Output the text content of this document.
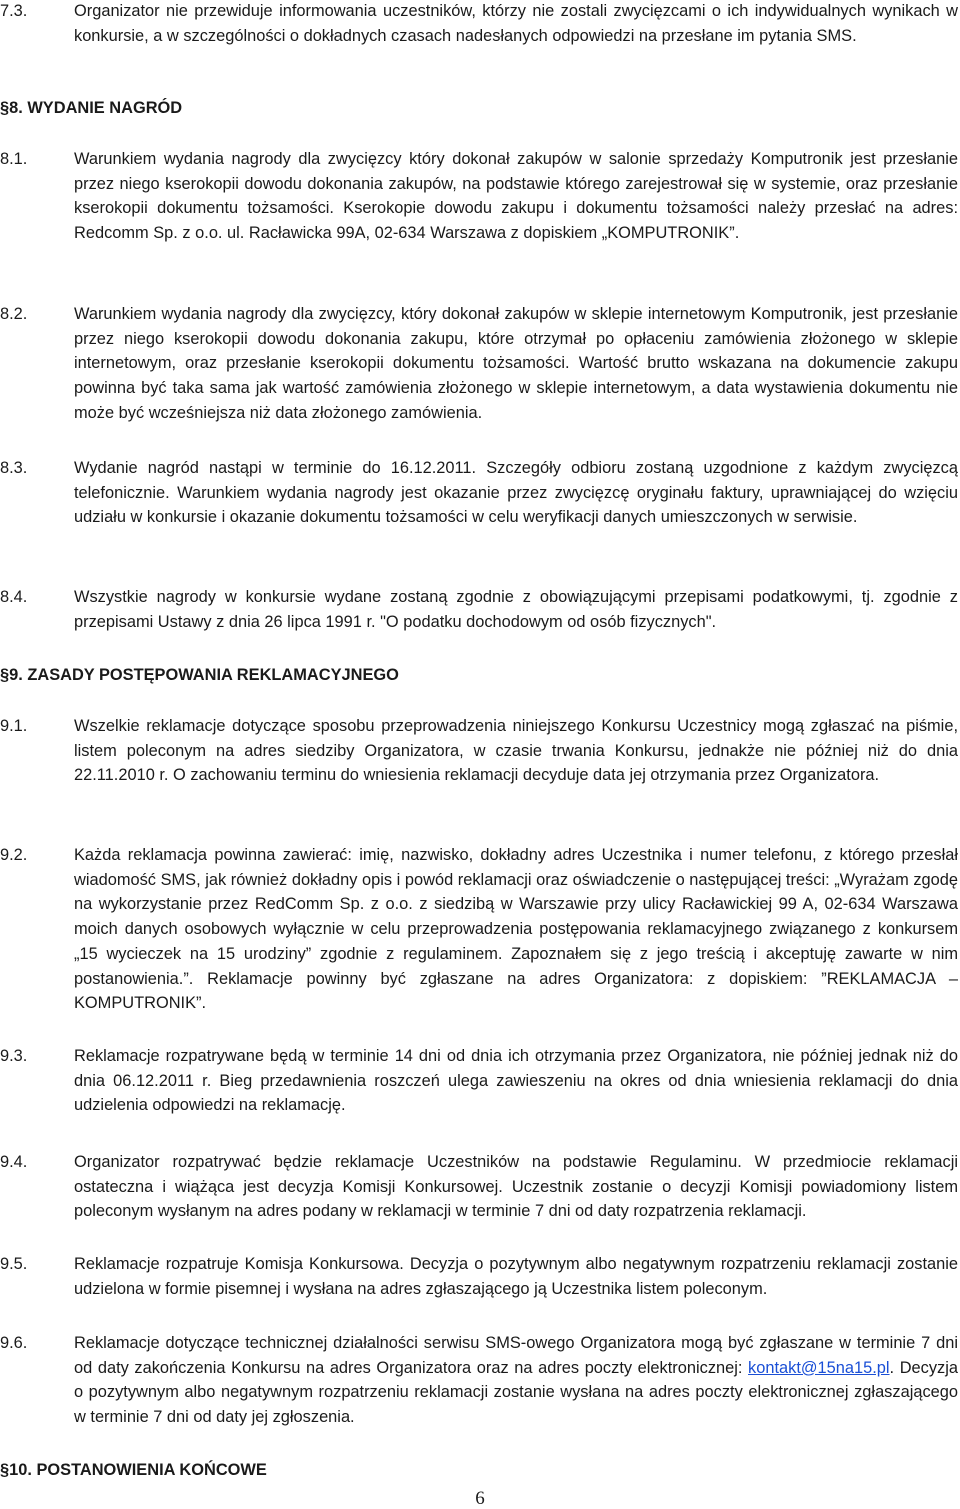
7.3.	Organizator nie przewiduje informowania uczestników, którzy nie zostali zwycięzcami o ich indywidualnych wynikach w konkursie, a w szczególności o dokładnych czasach nadesłanych odpowiedzi na przesłane im pytania SMS.
§8. WYDANIE NAGRÓD
8.1.	Warunkiem wydania nagrody dla zwycięzcy który dokonał zakupów w salonie sprzedaży Komputronik jest przesłanie przez niego kserokopii dowodu dokonania zakupów, na podstawie którego zarejestrował się w systemie, oraz przesłanie kserokopii dokumentu tożsamości. Kserokopie dowodu zakupu i dokumentu tożsamości należy przesłać na adres: Redcomm Sp. z o.o. ul. Racławicka 99A, 02-634 Warszawa z dopiskiem „KOMPUTRONIK”.
8.2.	Warunkiem wydania nagrody dla zwycięzcy, który dokonał zakupów w sklepie internetowym Komputronik, jest przesłanie przez niego kserokopii dowodu dokonania zakupu, które otrzymał po opłaceniu zamówienia złożonego w sklepie internetowym, oraz przesłanie kserokopii dokumentu tożsamości. Wartość brutto wskazana na dokumencie zakupu powinna być taka sama jak wartość zamówienia złożonego w sklepie internetowym, a data wystawienia dokumentu nie może być wcześniejsza niż data złożonego zamówienia.
8.3.	Wydanie nagród nastąpi w terminie do 16.12.2011. Szczegóły odbioru zostaną uzgodnione z każdym zwycięzcą telefonicznie. Warunkiem wydania nagrody jest okazanie przez zwycięzcę oryginału faktury, uprawniającej do wzięciu udziału w konkursie i okazanie dokumentu tożsamości w celu weryfikacji danych umieszczonych w serwisie.
8.4.	Wszystkie nagrody w konkursie wydane zostaną zgodnie z obowiązującymi przepisami podatkowymi, tj. zgodnie z przepisami Ustawy z dnia 26 lipca 1991 r. "O podatku dochodowym od osób fizycznych".
§9. ZASADY POSTĘPOWANIA REKLAMACYJNEGO
9.1.	Wszelkie reklamacje dotyczące sposobu przeprowadzenia niniejszego Konkursu Uczestnicy mogą zgłaszać na piśmie, listem poleconym na adres siedziby Organizatora, w czasie trwania Konkursu, jednakże nie później niż do dnia 22.11.2010 r. O zachowaniu terminu do wniesienia reklamacji decyduje data jej otrzymania przez Organizatora.
9.2.	Każda reklamacja powinna zawierać: imię, nazwisko, dokładny adres Uczestnika i numer telefonu, z którego przesłał wiadomość SMS, jak również dokładny opis i powód reklamacji oraz oświadczenie o następującej treści: „Wyrażam zgodę na wykorzystanie przez RedComm Sp. z o.o. z siedzibą w Warszawie przy ulicy Racławickiej 99 A, 02-634 Warszawa moich danych osobowych wyłącznie w celu przeprowadzenia postępowania reklamacyjnego związanego z konkursem „15 wycieczek na 15 urodziny” zgodnie z regulaminem. Zapoznałem się z jego treścią i akceptuję zawarte w nim postanowienia.”. Reklamacje powinny być zgłaszane na adres Organizatora: z dopiskiem: ”REKLAMACJA – KOMPUTRONIK”.
9.3.	Reklamacje rozpatrywane będą w terminie 14 dni od dnia ich otrzymania przez Organizatora, nie później jednak niż do dnia 06.12.2011 r. Bieg przedawnienia roszczeń ulega zawieszeniu na okres od dnia wniesienia reklamacji do dnia udzielenia odpowiedzi na reklamację.
9.4.	Organizator rozpatrywać będzie reklamacje Uczestników na podstawie Regulaminu. W przedmiocie reklamacji ostateczna i wiążąca jest decyzja Komisji Konkursowej. Uczestnik zostanie o decyzji Komisji powiadomiony listem poleconym wysłanym na adres podany w reklamacji w terminie 7 dni od daty rozpatrzenia reklamacji.
9.5.	Reklamacje rozpatruje Komisja Konkursowa. Decyzja o pozytywnym albo negatywnym rozpatrzeniu reklamacji zostanie udzielona w formie pisemnej i wysłana na adres zgłaszającego ją Uczestnika listem poleconym.
9.6.	Reklamacje dotyczące technicznej działalności serwisu SMS-owego Organizatora mogą być zgłaszane w terminie 7 dni od daty zakończenia Konkursu na adres Organizatora oraz na adres poczty elektronicznej: kontakt@15na15.pl. Decyzja o pozytywnym albo negatywnym rozpatrzeniu reklamacji zostanie wysłana na adres poczty elektronicznej zgłaszającego w terminie 7 dni od daty jej zgłoszenia.
§10. POSTANOWIENIA KOŃCOWE
6
